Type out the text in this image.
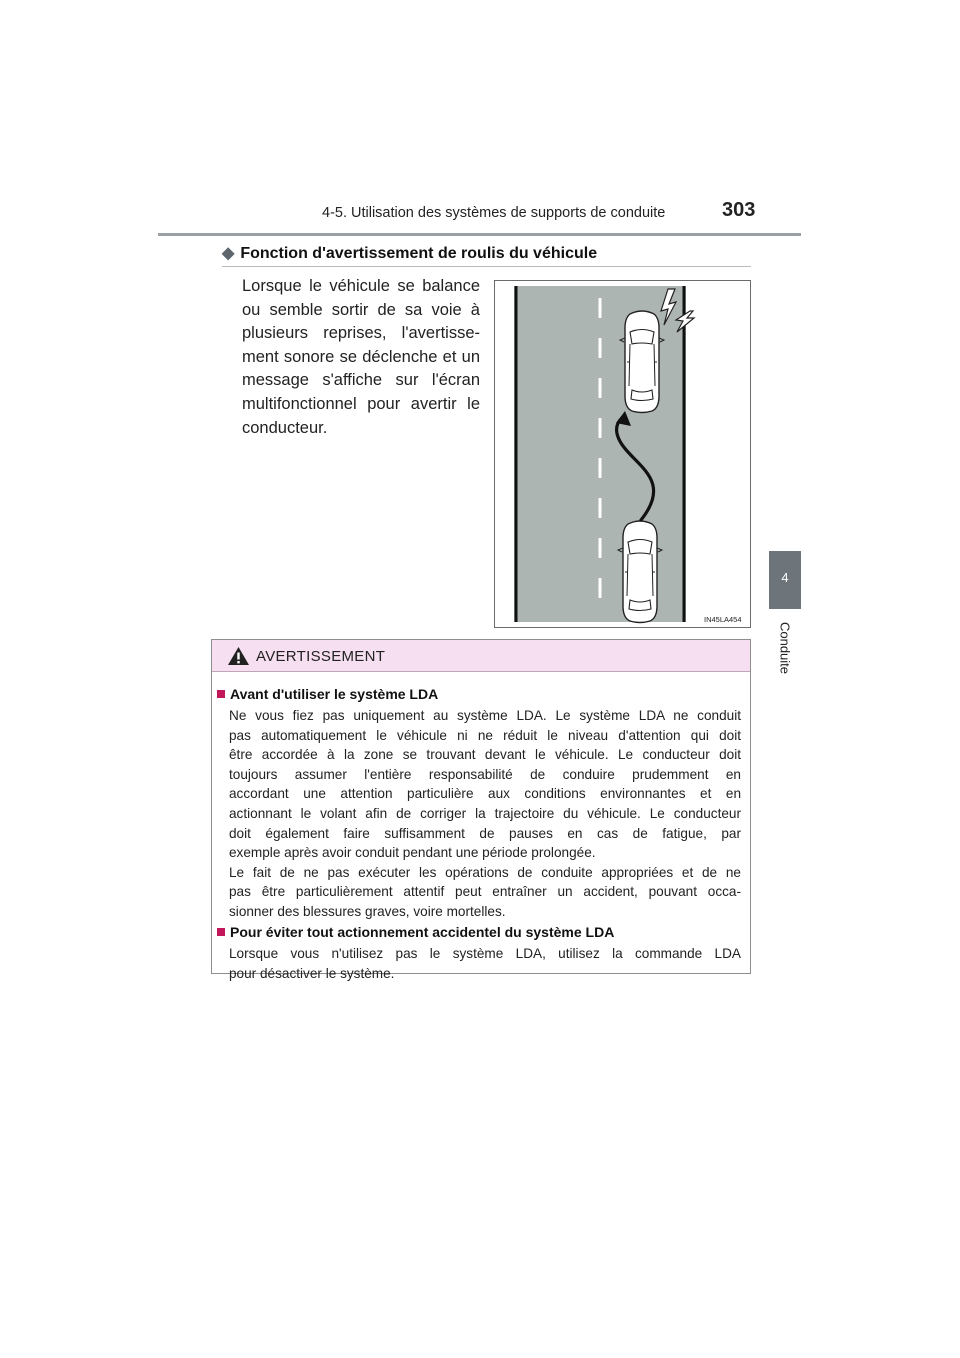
4-5. Utilisation des systèmes de supports de conduite	303
4
Conduite
◆ Fonction d'avertissement de roulis du véhicule
Lorsque le véhicule se balance ou semble sortir de sa voie à plusieurs reprises, l'avertisse-ment sonore se déclenche et un message s'affiche sur l'écran multifonctionnel pour avertir le conducteur.
IN45LA454
AVERTISSEMENT
Avant d'utiliser le système LDA
Ne vous fiez pas uniquement au système LDA. Le système LDA ne conduit
pas automatiquement le véhicule ni ne réduit le niveau d'attention qui doit
être accordée à la zone se trouvant devant le véhicule. Le conducteur doit
toujours assumer l'entière responsabilité de conduire prudemment en
accordant une attention particulière aux conditions environnantes et en
actionnant le volant afin de corriger la trajectoire du véhicule. Le conducteur
doit également faire suffisamment de pauses en cas de fatigue, par
exemple après avoir conduit pendant une période prolongée.
Le fait de ne pas exécuter les opérations de conduite appropriées et de ne
pas être particulièrement attentif peut entraîner un accident, pouvant occa-
sionner des blessures graves, voire mortelles.
Pour éviter tout actionnement accidentel du système LDA
Lorsque vous n'utilisez pas le système LDA, utilisez la commande LDA
pour désactiver le système.
